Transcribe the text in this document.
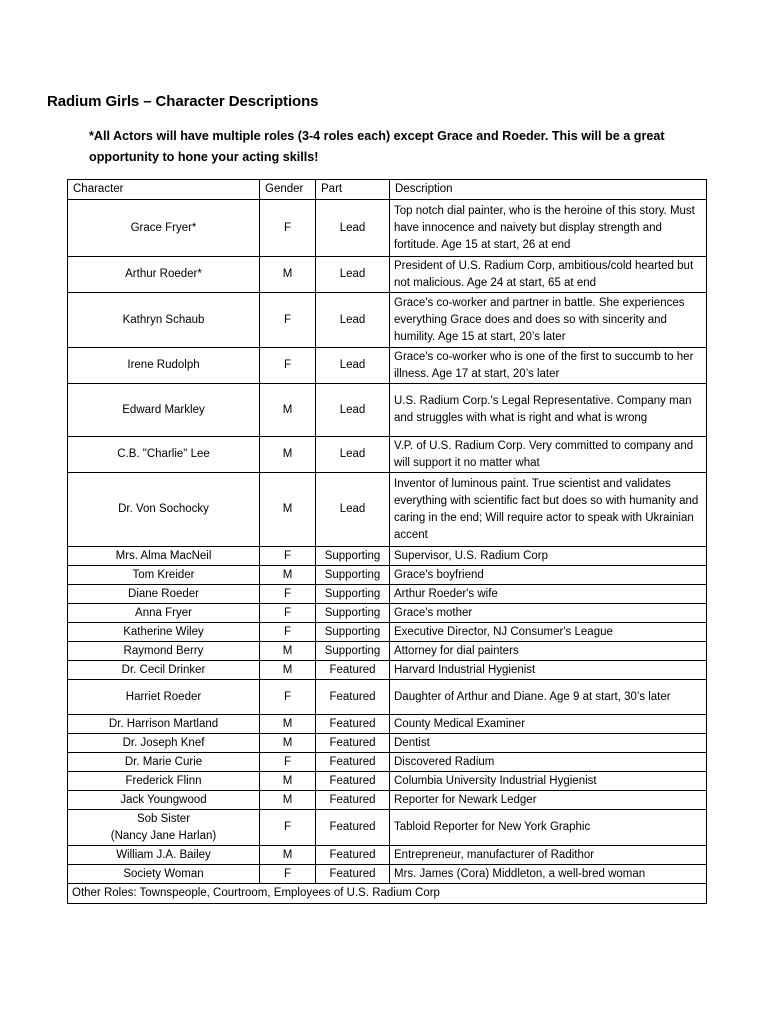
Radium Girls – Character Descriptions
*All Actors will have multiple roles (3-4 roles each) except Grace and Roeder. This will be a great opportunity to hone your acting skills!
Character	Gender	Part	Description

Grace Fryer*	F	Lead	Top notch dial painter, who is the heroine of this story. Must have innocence and naivety but display strength and fortitude. Age 15 at start, 26 at end

Arthur Roeder*	M	Lead	President of U.S. Radium Corp, ambitious/cold hearted but not malicious. Age 24 at start, 65 at end

Kathryn Schaub	F	Lead	Grace's co-worker and partner in battle. She experiences everything Grace does and does so with sincerity and humility. Age 15 at start, 20’s later

Irene Rudolph	F	Lead	Grace's co-worker who is one of the first to succumb to her illness. Age 17 at start, 20’s later

Edward Markley	M	Lead	U.S. Radium Corp.'s Legal Representative. Company man and struggles with what is right and what is wrong

C.B. "Charlie" Lee	M	Lead	V.P. of U.S. Radium Corp. Very committed to company and will support it no matter what

Dr. Von Sochocky	M	Lead	Inventor of luminous paint. True scientist and validates everything with scientific fact but does so with humanity and caring in the end; Will require actor to speak with Ukrainian accent

Mrs. Alma MacNeil	F	Supporting	Supervisor, U.S. Radium Corp

Tom Kreider	M	Supporting	Grace's boyfriend

Diane Roeder	F	Supporting	Arthur Roeder's wife

Anna Fryer	F	Supporting	Grace's mother

Katherine Wiley	F	Supporting	Executive Director, NJ Consumer's League

Raymond Berry	M	Supporting	Attorney for dial painters

Dr. Cecil Drinker	M	Featured	Harvard Industrial Hygienist

Harriet Roeder	F	Featured	Daughter of Arthur and Diane. Age 9 at start, 30’s later

Dr. Harrison Martland	M	Featured	County Medical Examiner

Dr. Joseph Knef	M	Featured	Dentist

Dr. Marie Curie	F	Featured	Discovered Radium

Frederick Flinn	M	Featured	Columbia University Industrial Hygienist

Jack Youngwood	M	Featured	Reporter for Newark Ledger

Sob Sister
(Nancy Jane Harlan)	F	Featured	Tabloid Reporter for New York Graphic

William J.A. Bailey	M	Featured	Entrepreneur, manufacturer of Radithor

Society Woman	F	Featured	Mrs. James (Cora) Middleton, a well-bred woman
Other Roles: Townspeople, Courtroom, Employees of U.S. Radium Corp			
